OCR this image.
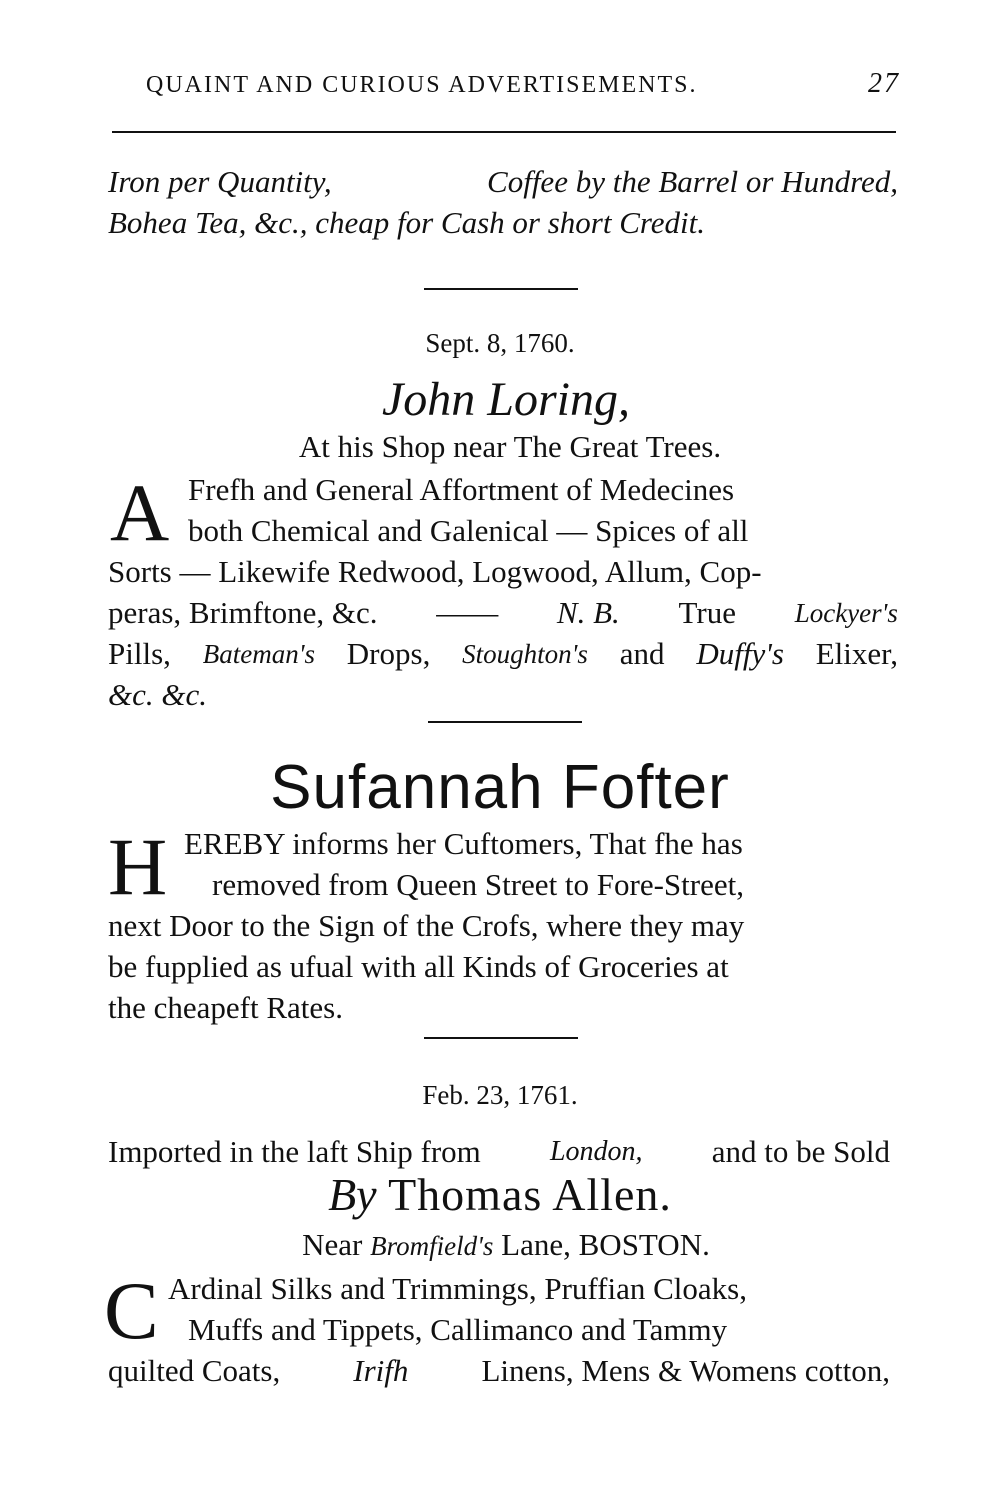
QUAINT AND CURIOUS ADVERTISEMENTS.	27
Iron per Quantity,	Coffee by the Barrel or Hundred,
Bohea Tea, &c., cheap for Cash or short Credit.
Sept. 8, 1760.
John Loring,
At his Shop near The Great Trees.
A Frefh and General Affortment of Medecines
both Chemical and Galenical — Spices of all
Sorts — Likewife Redwood, Logwood, Allum, Cop-
peras, Brimftone, &c. —— N. B. True Lockyer's
Pills, Bateman's Drops, Stoughton's and Duffy's Elixer,
&c. &c.
Sufannah Fofter
H EREBY informs her Cuftomers, That fhe has
removed from Queen Street to Fore-Street,
next Door to the Sign of the Crofs, where they may
be fupplied as ufual with all Kinds of Groceries at
the cheapeft Rates.
Feb. 23, 1761.
Imported in the laft Ship from London, and to be Sold
By Thomas Allen.
Near Bromfield's Lane, BOSTON.
C Ardinal Silks and Trimmings, Pruffian Cloaks,
Muffs and Tippets, Callimanco and Tammy
quilted Coats, Irifh Linens, Mens & Womens cotton,
